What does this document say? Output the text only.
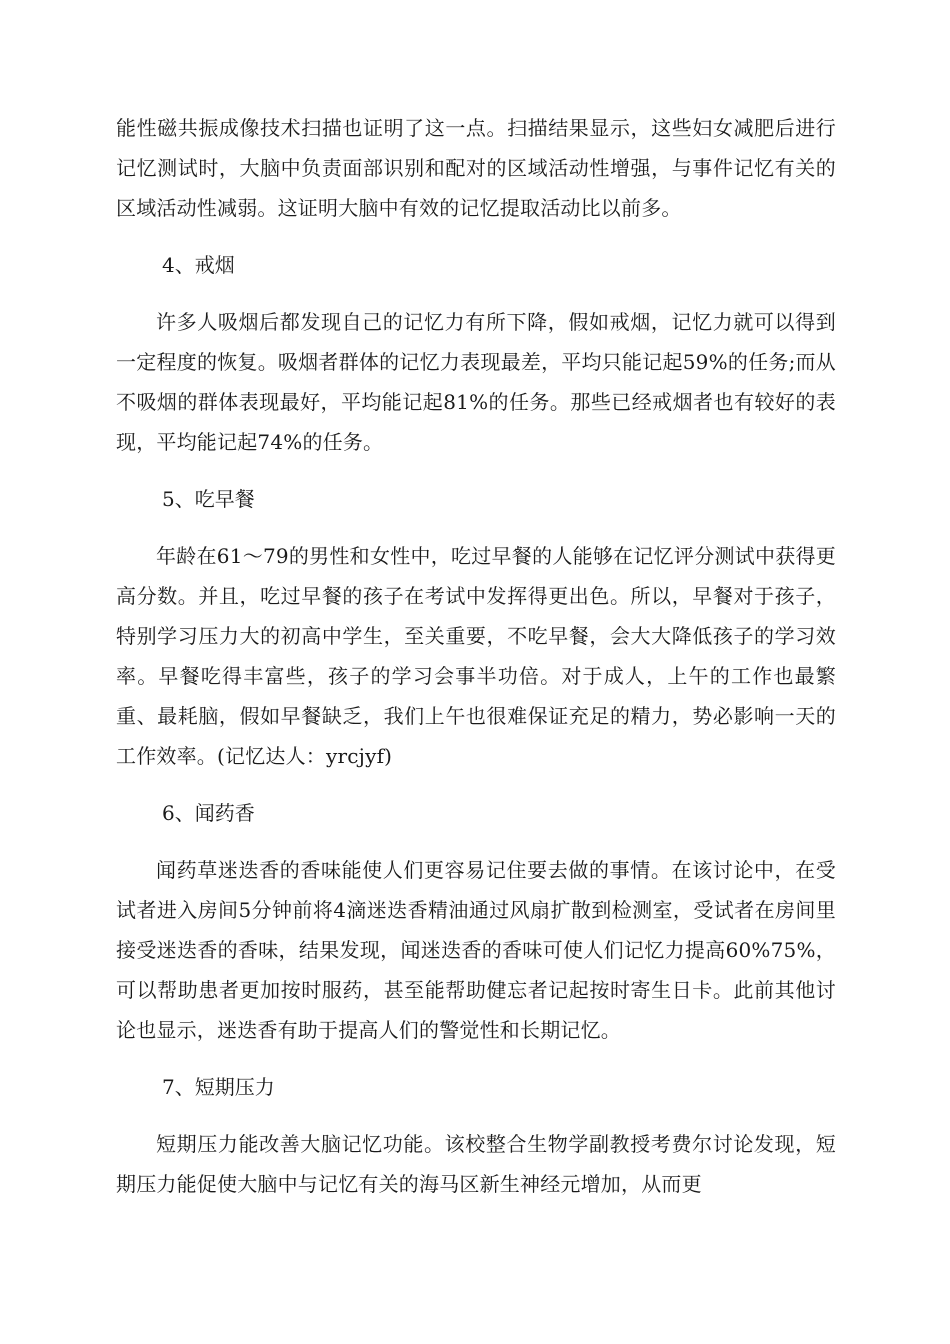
能性磁共振成像技术扫描也证明了这一点。扫描结果显示，这些妇女减肥后进行记忆测试时，大脑中负责面部识别和配对的区域活动性增强，与事件记忆有关的区域活动性减弱。这证明大脑中有效的记忆提取活动比以前多。

4、戒烟

许多人吸烟后都发现自己的记忆力有所下降，假如戒烟，记忆力就可以得到一定程度的恢复。吸烟者群体的记忆力表现最差，平均只能记起59%的任务;而从不吸烟的群体表现最好，平均能记起81%的任务。那些已经戒烟者也有较好的表现，平均能记起74%的任务。

5、吃早餐

年龄在61～79的男性和女性中，吃过早餐的人能够在记忆评分测试中获得更高分数。并且，吃过早餐的孩子在考试中发挥得更出色。所以，早餐对于孩子，特别学习压力大的初高中学生，至关重要，不吃早餐，会大大降低孩子的学习效率。早餐吃得丰富些，孩子的学习会事半功倍。对于成人，上午的工作也最繁重、最耗脑，假如早餐缺乏，我们上午也很难保证充足的精力，势必影响一天的工作效率。(记忆达人：yrcjyf)

6、闻药香

闻药草迷迭香的香味能使人们更容易记住要去做的事情。在该讨论中，在受试者进入房间5分钟前将4滴迷迭香精油通过风扇扩散到检测室，受试者在房间里接受迷迭香的香味，结果发现，闻迷迭香的香味可使人们记忆力提高60%75%，可以帮助患者更加按时服药，甚至能帮助健忘者记起按时寄生日卡。此前其他讨论也显示，迷迭香有助于提高人们的警觉性和长期记忆。

7、短期压力

短期压力能改善大脑记忆功能。该校整合生物学副教授考费尔讨论发现，短期压力能促使大脑中与记忆有关的海马区新生神经元增加，从而更
